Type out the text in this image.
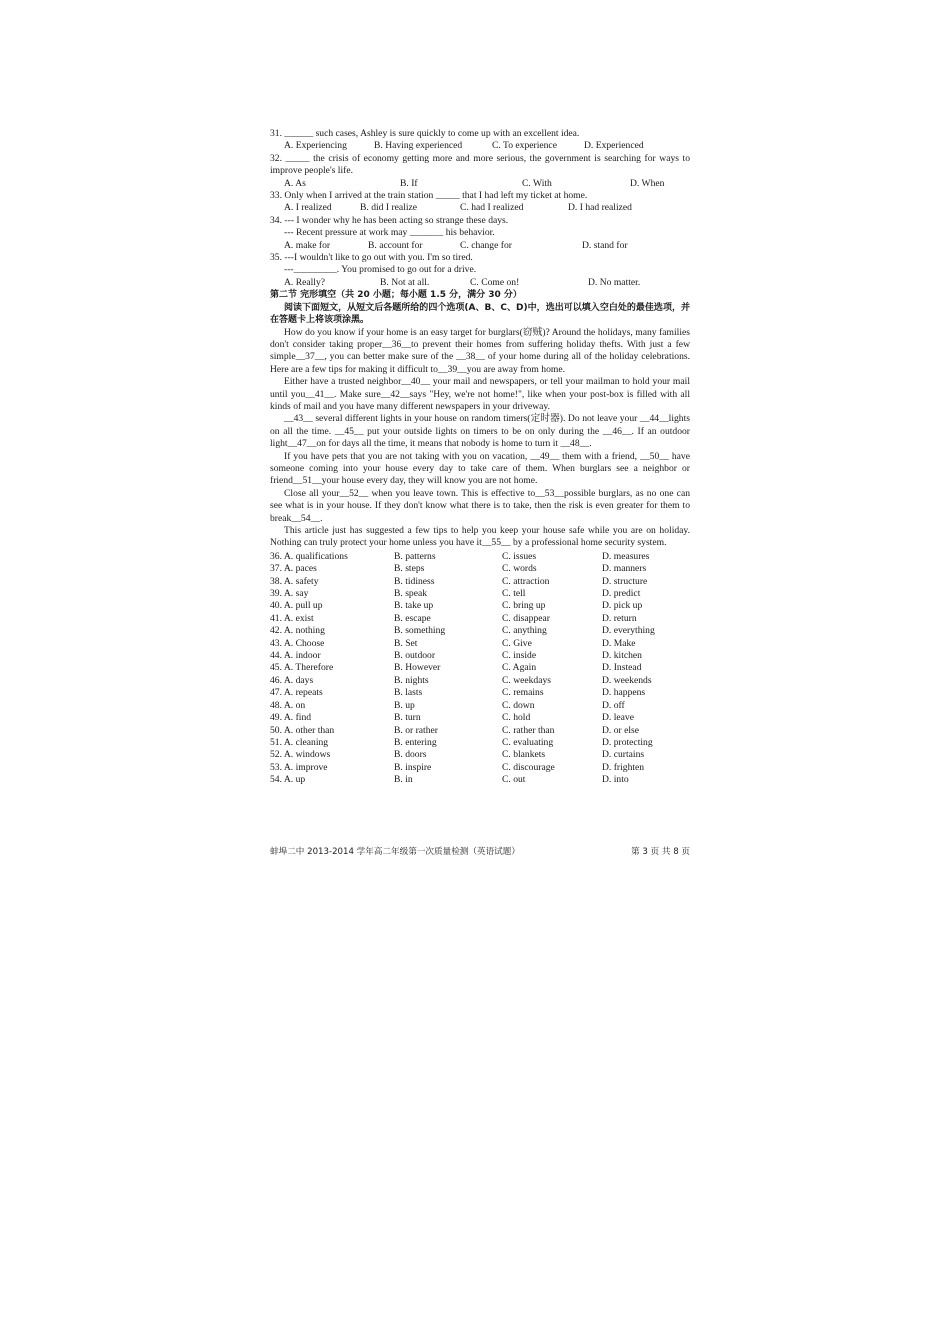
31. ______ such cases, Ashley is sure quickly to come up with an excellent idea.
A. Experiencing	B. Having experienced	C. To experience	D. Experienced
32. _____ the crisis of economy getting more and more serious, the government is searching for ways to improve people's life.
A. As	B. If	C. With	D. When
33. Only when I arrived at the train station _____ that I had left my ticket at home.
A. I realized	B. did I realize	C. had I realized	D. I had realized
34. --- I wonder why he has been acting so strange these days.
--- Recent pressure at work may _______ his behavior.
A. make for	B. account for	C. change for	D. stand for
35. ---I wouldn't like to go out with you. I'm so tired.
---_________. You promised to go out for a drive.
A. Really?	B. Not at all.	C. Come on!	D. No matter.
第二节 完形填空（共 20 小题；每小题 1.5 分，满分 30 分）
阅读下面短文，从短文后各题所给的四个选项(A、B、C、D)中，选出可以填入空白处的最佳选项，并在答题卡上将该项涂黑。
How do you know if your home is an easy target for burglars(窃贼)? Around the holidays, many families don't consider taking proper__36__to prevent their homes from suffering holiday thefts. With just a few simple__37__, you can better make sure of the __38__ of your home during all of the holiday celebrations. Here are a few tips for making it difficult to__39__you are away from home.
Either have a trusted neighbor__40__ your mail and newspapers, or tell your mailman to hold your mail until you__41__. Make sure__42__says "Hey, we're not home!", like when your post-box is filled with all kinds of mail and you have many different newspapers in your driveway.
__43__ several different lights in your house on random timers(定时器). Do not leave your __44__lights on all the time. __45__ put your outside lights on timers to be on only during the __46__. If an outdoor light__47__on for days all the time, it means that nobody is home to turn it __48__.
If you have pets that you are not taking with you on vacation, __49__ them with a friend, __50__ have someone coming into your house every day to take care of them. When burglars see a neighbor or friend__51__your house every day, they will know you are not home.
Close all your__52__ when you leave town. This is effective to__53__possible burglars, as no one can see what is in your house. If they don't know what there is to take, then the risk is even greater for them to break__54__.
This article just has suggested a few tips to help you keep your house safe while you are on holiday. Nothing can truly protect your home unless you have it__55__ by a professional home security system.
36. A. qualifications	B. patterns	C. issues	D. measures
37. A. paces	B. steps	C. words	D. manners
38. A. safety	B. tidiness	C. attraction	D. structure
39. A. say	B. speak	C. tell	D. predict
40. A. pull up	B. take up	C. bring up	D. pick up
41. A. exist	B. escape	C. disappear	D. return
42. A. nothing	B. something	C. anything	D. everything
43. A. Choose	B. Set	C. Give	D. Make
44. A. indoor	B. outdoor	C. inside	D. kitchen
45. A. Therefore	B. However	C. Again	D. Instead
46. A. days	B. nights	C. weekdays	D. weekends
47. A. repeats	B. lasts	C. remains	D. happens
48. A. on	B. up	C. down	D. off
49. A. find	B. turn	C. hold	D. leave
50. A. other than	B. or rather	C. rather than	D. or else
51. A. cleaning	B. entering	C. evaluating	D. protecting
52. A. windows	B. doors	C. blankets	D. curtains
53. A. improve	B. inspire	C. discourage	D. frighten
54. A. up	B. in	C. out	D. into
蚌埠二中 2013-2014 学年高二年级第一次质量检测（英语试题）	第 3 页 共 8 页
